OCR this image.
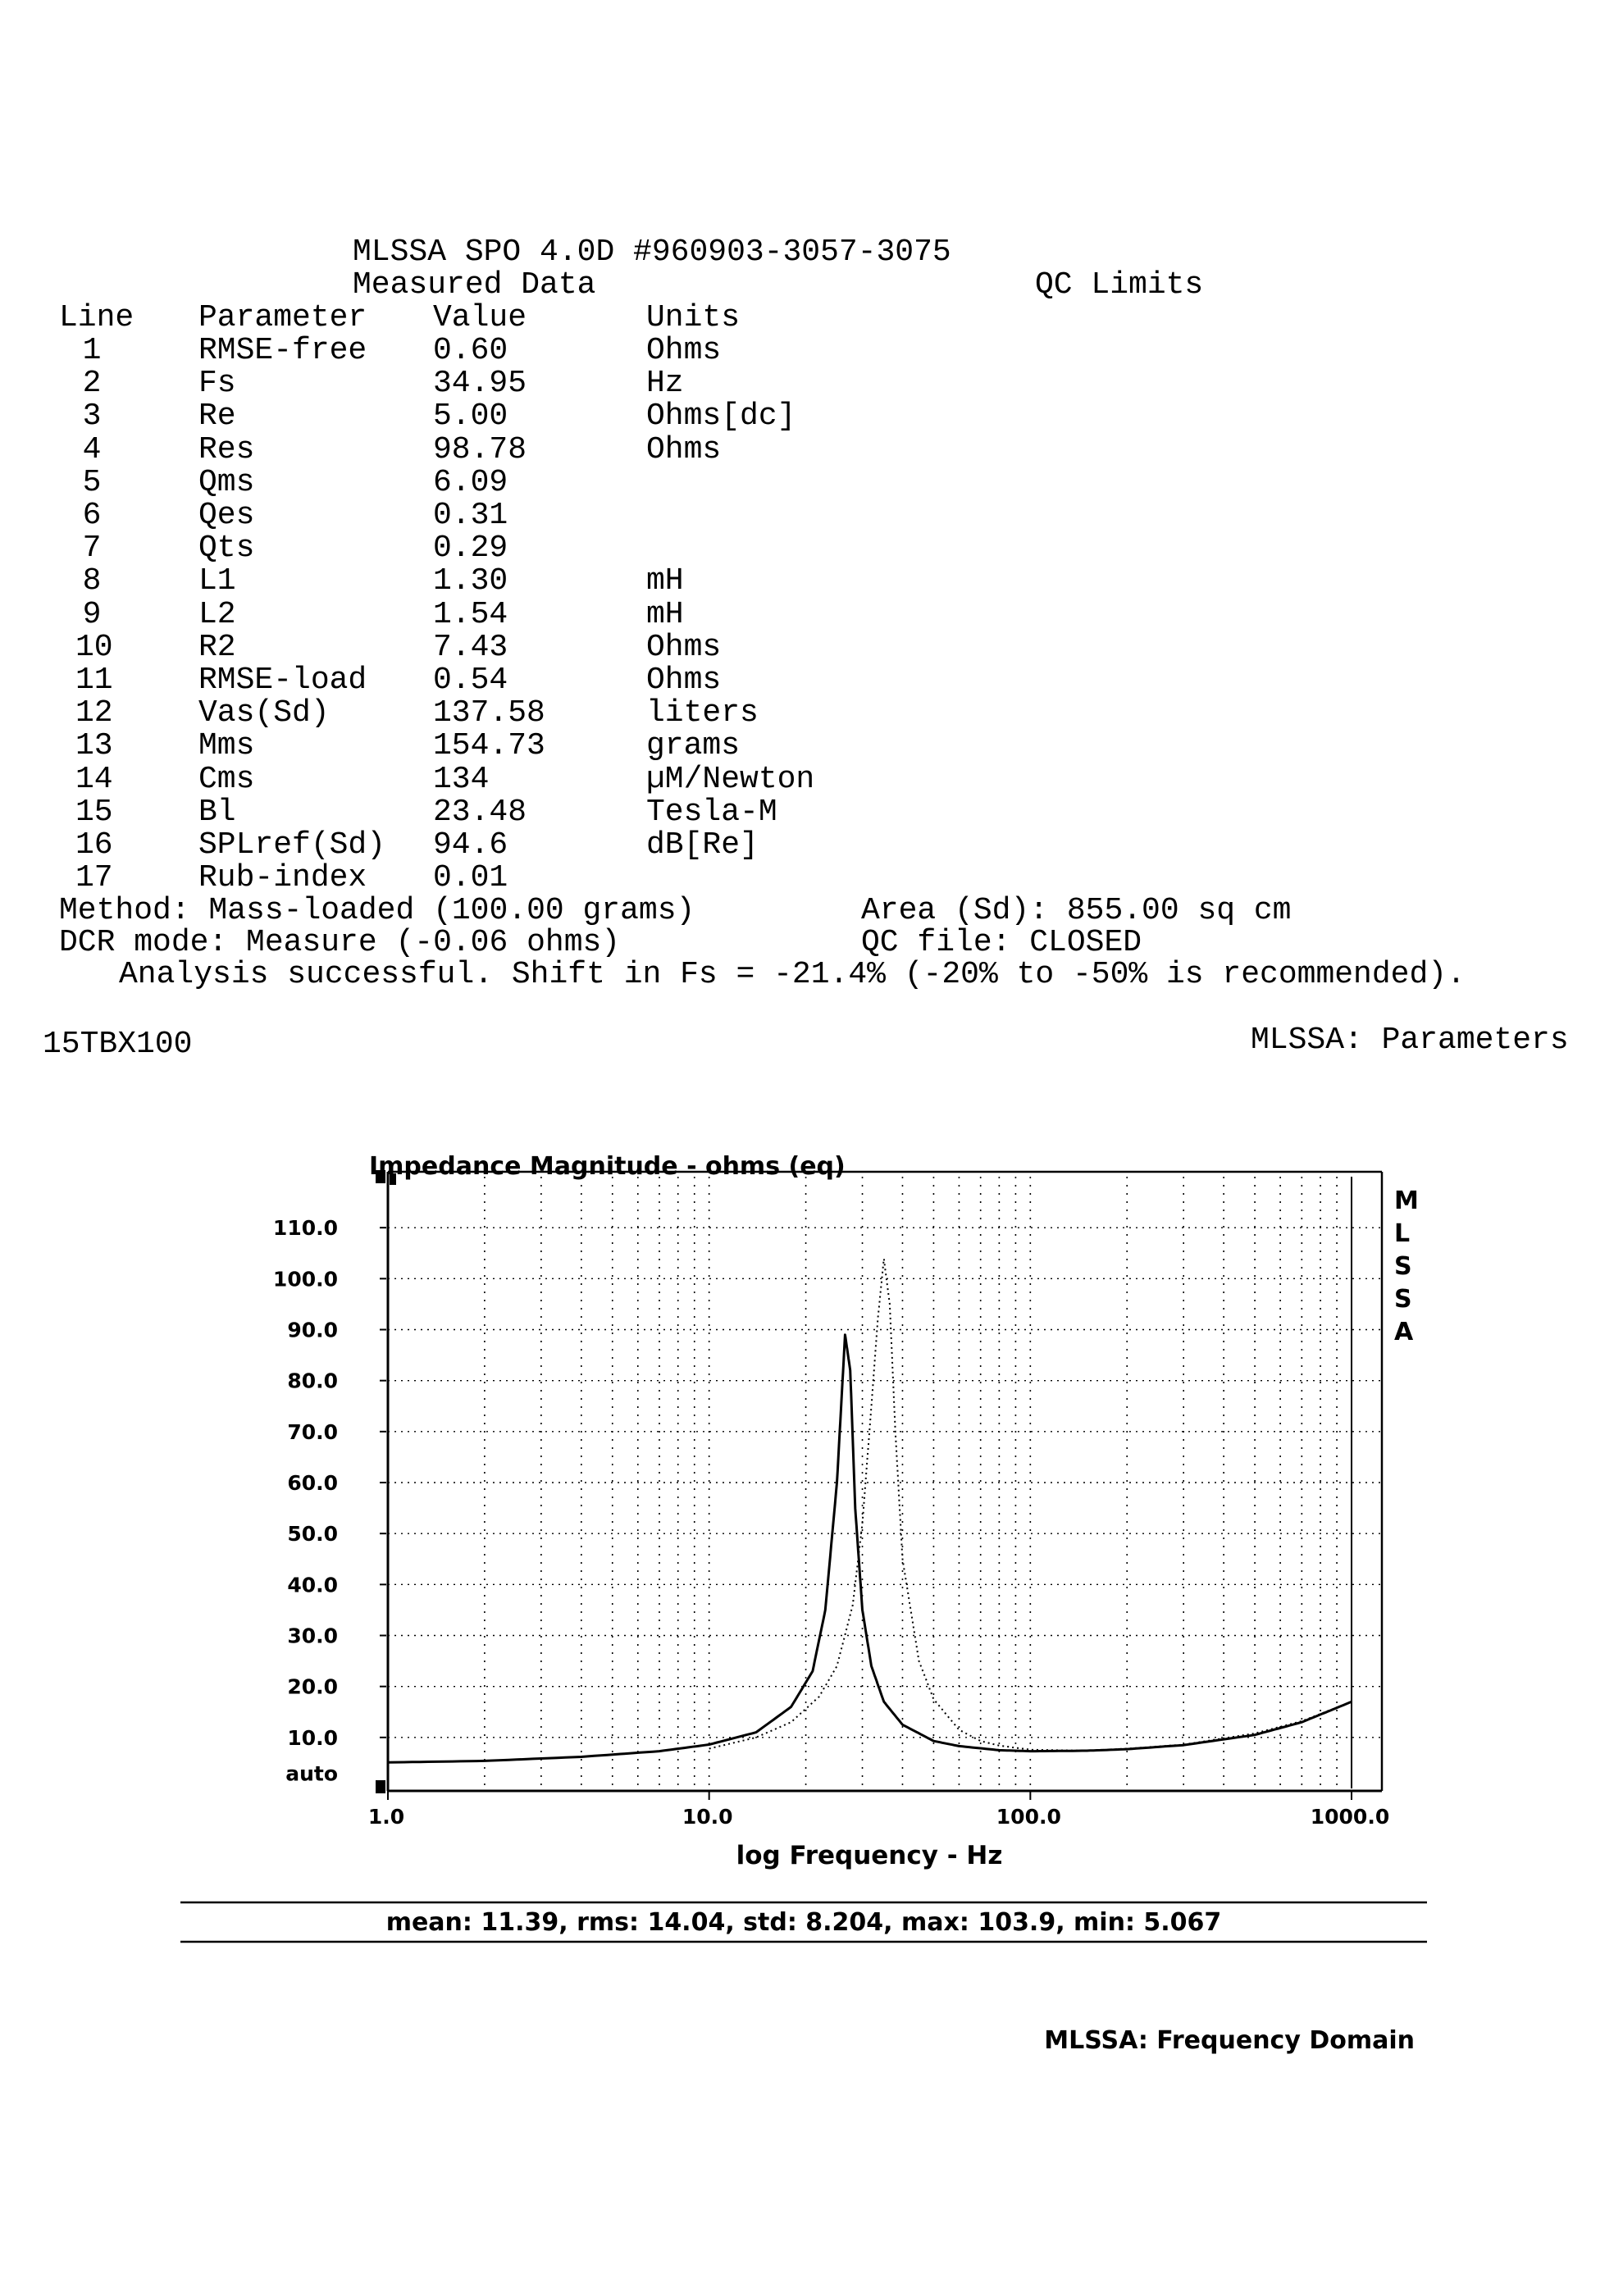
MLSSA SPO 4.0D #960903-3057-3075
Measured Data	QC Limits
Line Parameter Value	Units
1	RMSE-free 0.60	Ohms
2	Fs	34.95	Hz
3	Re	5.00	Ohms[dc]
4	Res	98.78	Ohms
5	Qms	6.09
6	Qes	0.31
7	Qts	0.29
8	L1	1.30	mH
9	L2	1.54	mH
10	R2	7.43	Ohms
11	RMSE-load 0.54	Ohms
12	Vas(Sd)	137.58	liters
13	Mms	154.73	grams
14	Cms	134	µM/Newton
15	Bl	23.48	Tesla-M
16	SPLref(Sd) 94.6	dB[Re]
17	Rub-index 0.01
Method: Mass-loaded (100.00 grams)	Area (Sd): 855.00 sq cm
DCR mode: Measure (-0.06 ohms)	QC file: CLOSED
Analysis successful. Shift in Fs = -21.4% (-20% to -50% is recommended).
15TBX100	MLSSA: Parameters
auto
10.0
20.0
30.0
40.0
50.0
60.0
70.0
80.0
90.0
100.0
110.0
1.0	10.0	100.0	1000.0
Impedance Magnitude - ohms (eq)
log Frequency - Hz
M
L
S
S
A
mean: 11.39, rms: 14.04, std: 8.204, max: 103.9, min: 5.067
MLSSA: Frequency Domain
